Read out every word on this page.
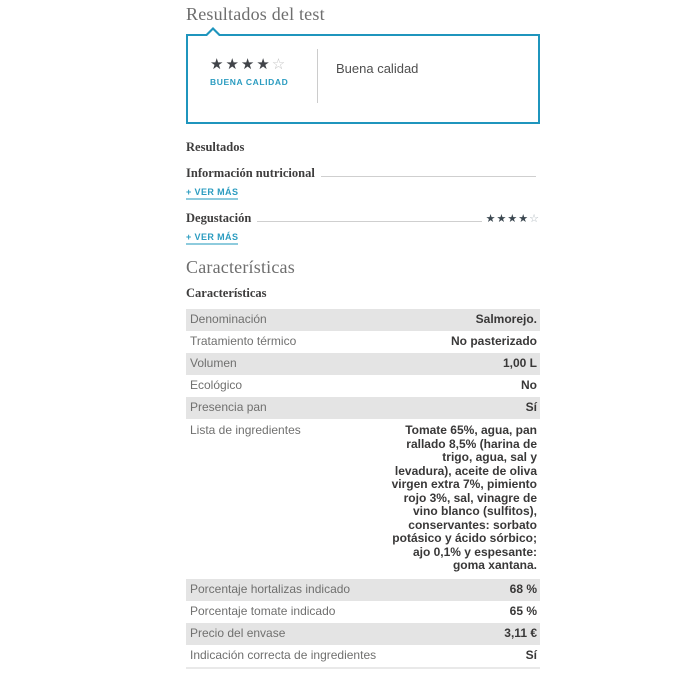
Resultados del test
★★★★☆
BUENA CALIDAD
Buena calidad
Resultados
Información nutricional
+ VER MÁS
Degustación	★★★★☆
+ VER MÁS
Características
Características
Denominación	Salmorejo.
Tratamiento térmico	No pasterizado
Volumen	1,00 L
Ecológico	No
Presencia pan	Sí
Lista de ingredientes	Tomate 65%, agua, pan rallado 8,5% (harina de trigo, agua, sal y levadura), aceite de oliva virgen extra 7%, pimiento rojo 3%, sal, vinagre de vino blanco (sulfitos), conservantes: sorbato potásico y ácido sórbico; ajo 0,1% y espesante: goma xantana.
Porcentaje hortalizas indicado	68 %
Porcentaje tomate indicado	65 %
Precio del envase	3,11 €
Indicación correcta de ingredientes	Sí
